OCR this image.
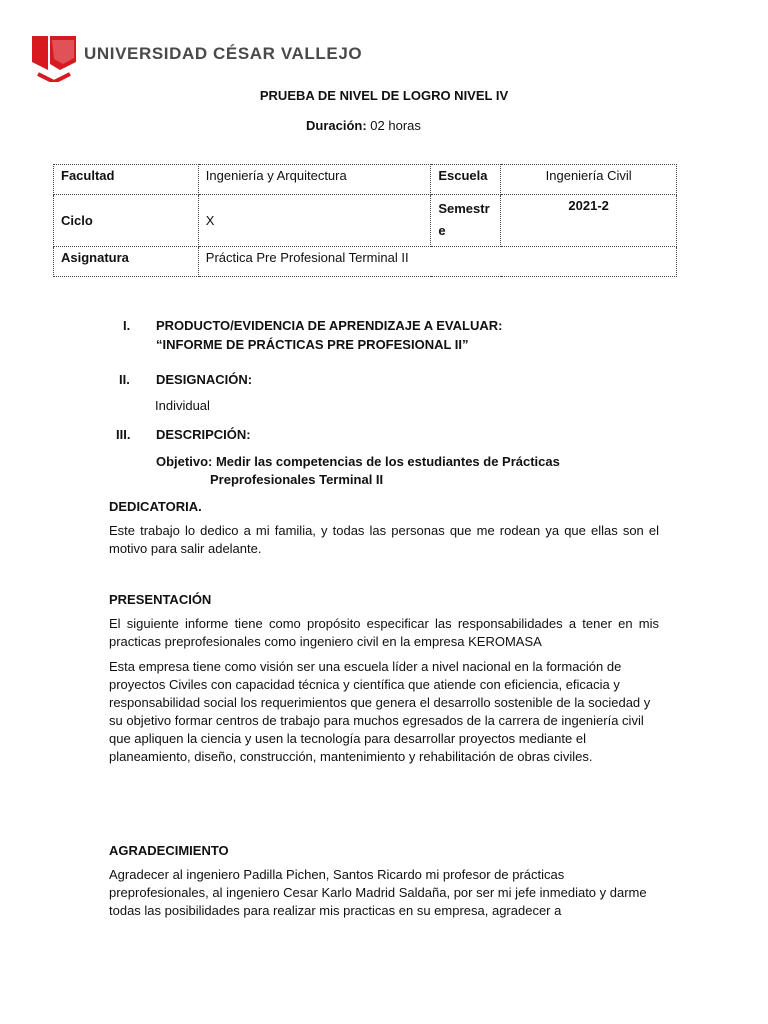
UNIVERSIDAD CÉSAR VALLEJO
PRUEBA DE NIVEL DE LOGRO NIVEL IV
Duración: 02 horas
Facultad	Ingeniería y Arquitectura	Escuela	Ingeniería Civil
Ciclo	X	Semestre	2021-2
Asignatura	Práctica Pre Profesional Terminal II		
I. PRODUCTO/EVIDENCIA DE APRENDIZAJE A EVALUAR:
“INFORME DE PRÁCTICAS PRE PROFESIONAL II”
II. DESIGNACIÓN:
Individual
III. DESCRIPCIÓN:
Objetivo: Medir las competencias de los estudiantes de Prácticas
Preprofesionales Terminal II
DEDICATORIA.
Este trabajo lo dedico a mi familia, y todas las personas que me rodean ya que ellas son el motivo para salir adelante.
PRESENTACIÓN
El siguiente informe tiene como propósito especificar las responsabilidades a tener en mis practicas preprofesionales como ingeniero civil en la empresa KEROMASA
Esta empresa tiene como visión ser una escuela líder a nivel nacional en la formación de proyectos Civiles con capacidad técnica y científica que atiende con eficiencia, eficacia y responsabilidad social los requerimientos que genera el desarrollo sostenible de la sociedad y su objetivo formar centros de trabajo para muchos egresados de la carrera de ingeniería civil que apliquen la ciencia y usen la tecnología para desarrollar proyectos mediante el planeamiento, diseño, construcción, mantenimiento y rehabilitación de obras civiles.
AGRADECIMIENTO
Agradecer al ingeniero Padilla Pichen, Santos Ricardo mi profesor de prácticas preprofesionales, al ingeniero Cesar Karlo Madrid Saldaña, por ser mi jefe inmediato y darme todas las posibilidades para realizar mis practicas en su empresa, agradecer a
